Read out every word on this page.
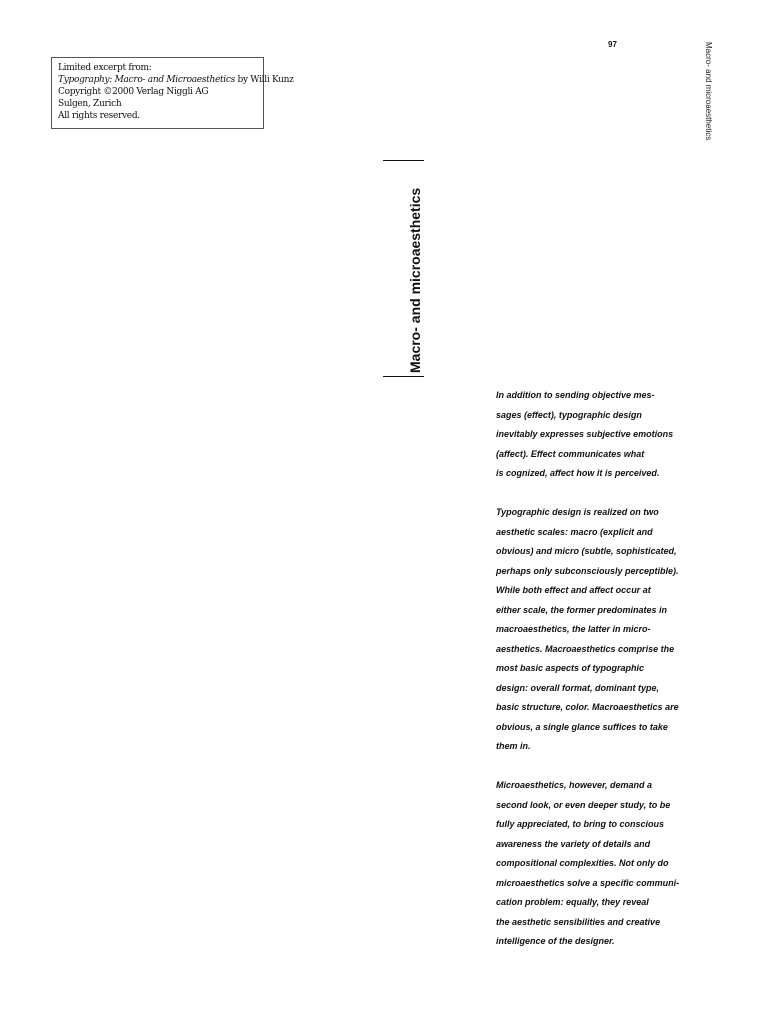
Limited excerpt from:
Typography: Macro- and Microaesthetics by Willi Kunz
Copyright ©2000 Verlag Niggli AG
Sulgen, Zurich
All rights reserved.
97	Macro- and microaesthetics
Macro- and microaesthetics
In addition to sending objective mes-
sages (effect), typographic design
inevitably expresses subjective emotions
(affect). Effect communicates what
is cognized, affect how it is perceived.
Typographic design is realized on two
aesthetic scales: macro (explicit and
obvious) and micro (subtle, sophisticated,
perhaps only subconsciously perceptible).
While both effect and affect occur at
either scale, the former predominates in
macroaesthetics, the latter in micro-
aesthetics. Macroaesthetics comprise the
most basic aspects of typographic
design: overall format, dominant type,
basic structure, color. Macroaesthetics are
obvious, a single glance suffices to take
them in.
Microaesthetics, however, demand a
second look, or even deeper study, to be
fully appreciated, to bring to conscious
awareness the variety of details and
compositional complexities. Not only do
microaesthetics solve a specific communi-
cation problem: equally, they reveal
the aesthetic sensibilities and creative
intelligence of the designer.
